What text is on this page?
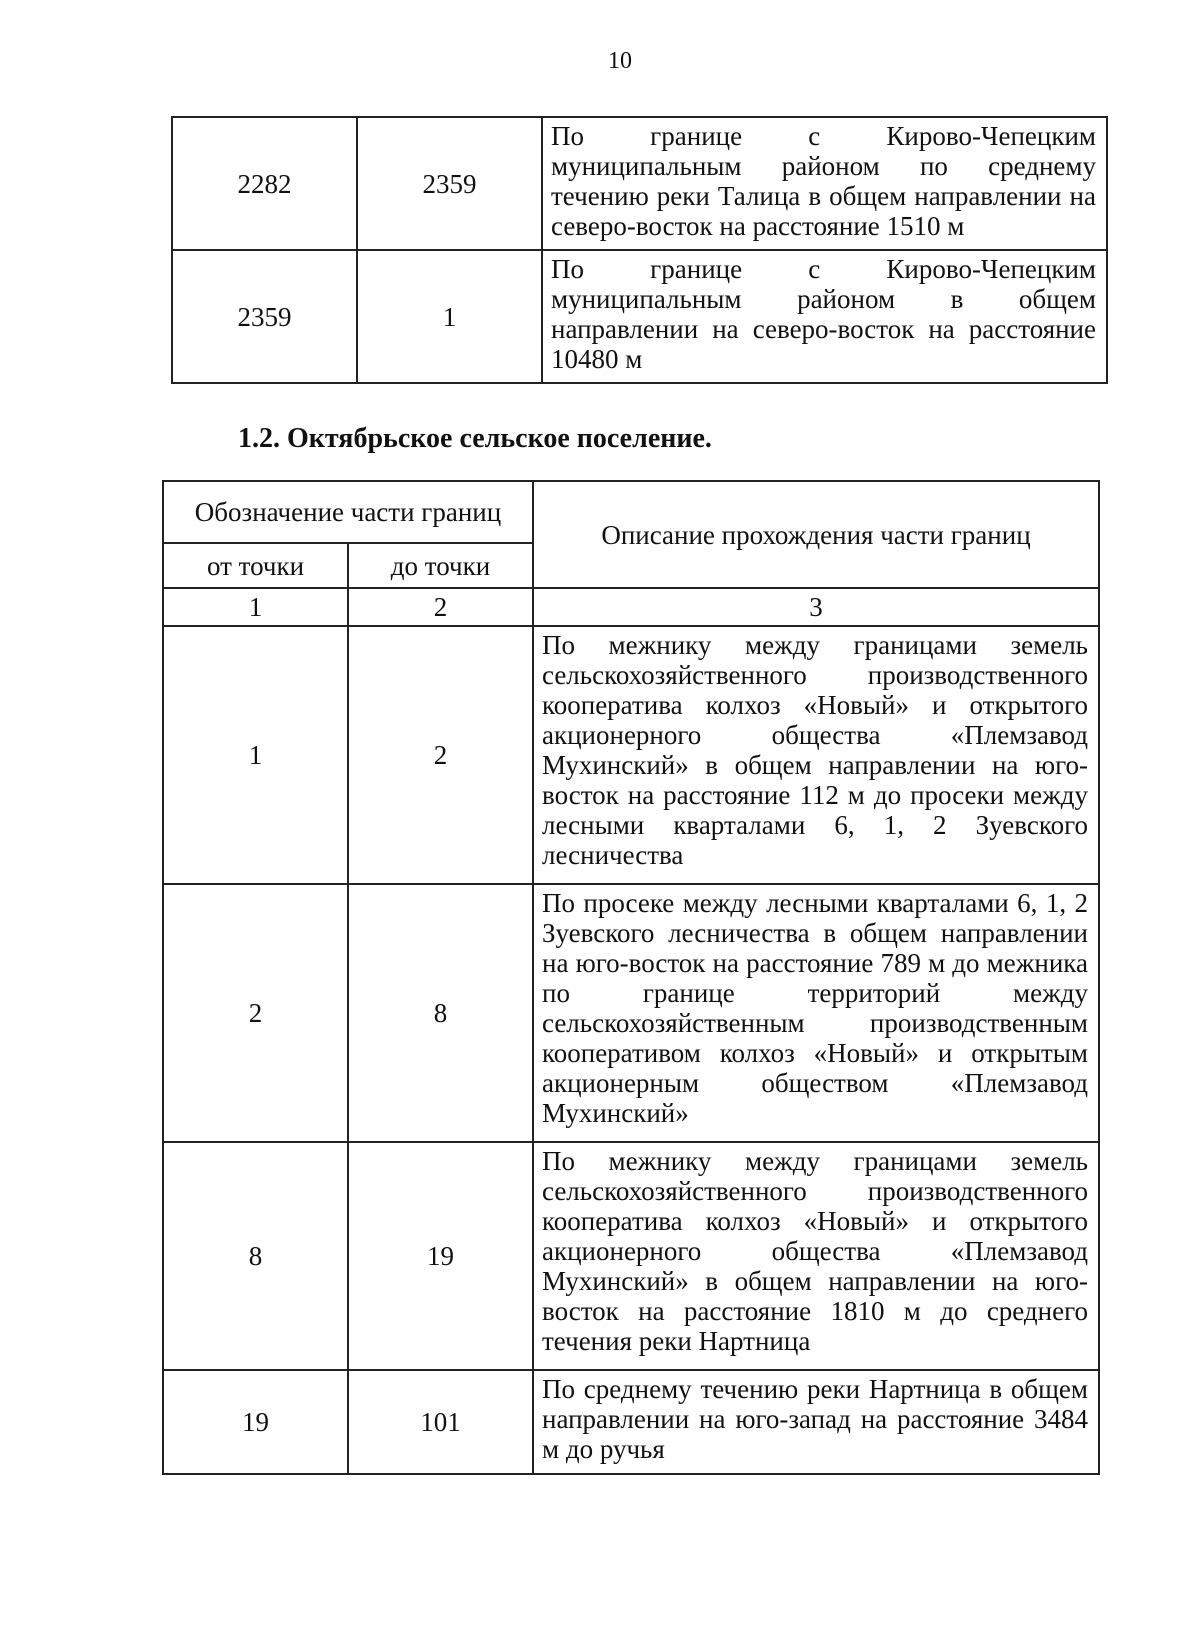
10
2282	2359	По границе с Кирово-Чепецким муниципальным районом по среднему течению реки Талица в общем направлении на северо-восток на расстояние 1510 м
2359	1	По границе с Кирово-Чепецким муниципальным районом в общем направлении на северо-восток на расстояние 10480 м
1.2. Октябрьское сельское поселение.
Обозначение части границ		Описание прохождения части границ
от точки	до точки	
1	2	3
1	2	По межнику между границами земель сельскохозяйственного производственного кооператива колхоз «Новый» и открытого акционерного общества «Племзавод Мухинский» в общем направлении на юго-восток на расстояние 112 м до просеки между лесными кварталами 6, 1, 2 Зуевского лесничества
2	8	По просеке между лесными кварталами 6, 1, 2 Зуевского лесничества в общем направлении на юго-восток на расстояние 789 м до межника по границе территорий между сельскохозяйственным производственным кооперативом колхоз «Новый» и открытым акционерным обществом «Племзавод Мухинский»
8	19	По межнику между границами земель сельскохозяйственного производственного кооператива колхоз «Новый» и открытого акционерного общества «Племзавод Мухинский» в общем направлении на юго-восток на расстояние 1810 м до среднего течения реки Нартница
19	101	По среднему течению реки Нартница в общем направлении на юго-запад на расстояние 3484 м до ручья
